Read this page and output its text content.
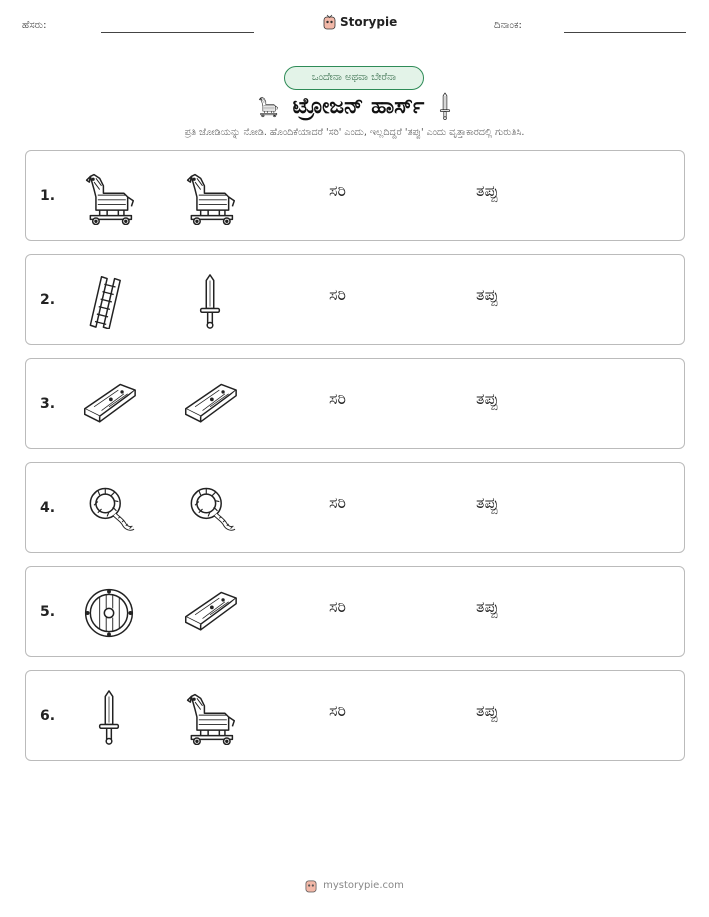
ಹೆಸರು:	Storypie	ದಿನಾಂಕ:
ಒಂದೇನಾ ಅಥವಾ ಬೇರೆನಾ
ಟ್ರೋಜನ್ ಹಾರ್ಸ್
ಪ್ರತಿ ಜೋಡಿಯನ್ನು ನೋಡಿ. ಹೊಂದಿಕೆಯಾದರೆ 'ಸರಿ' ಎಂದು, ಇಲ್ಲದಿದ್ದರೆ 'ತಪ್ಪು' ಎಂದು ವೃತ್ತಾಕಾರದಲ್ಲಿ ಗುರುತಿಸಿ.
1.	ಸರಿ	ತಪ್ಪು
2.	ಸರಿ	ತಪ್ಪು
3.	ಸರಿ	ತಪ್ಪು
4.	ಸರಿ	ತಪ್ಪು
5.	ಸರಿ	ತಪ್ಪು
6.	ಸರಿ	ತಪ್ಪು
mystorypie.com
